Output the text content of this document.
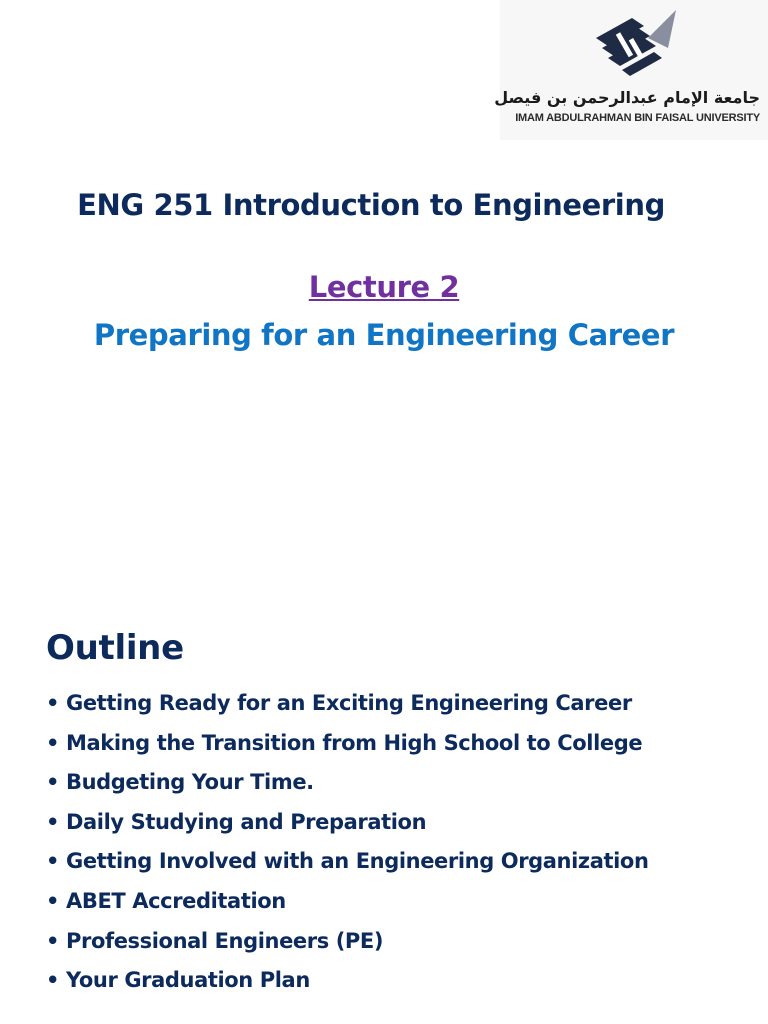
جامعة الإمام عبدالرحمن بن فيصل
IMAM ABDULRAHMAN BIN FAISAL UNIVERSITY
ENG 251 Introduction to Engineering
Lecture 2
Preparing for an Engineering Career
Outline
• Getting Ready for an Exciting Engineering Career
• Making the Transition from High School to College
• Budgeting Your Time.
• Daily Studying and Preparation
• Getting Involved with an Engineering Organization
• ABET Accreditation
• Professional Engineers (PE)
• Your Graduation Plan
